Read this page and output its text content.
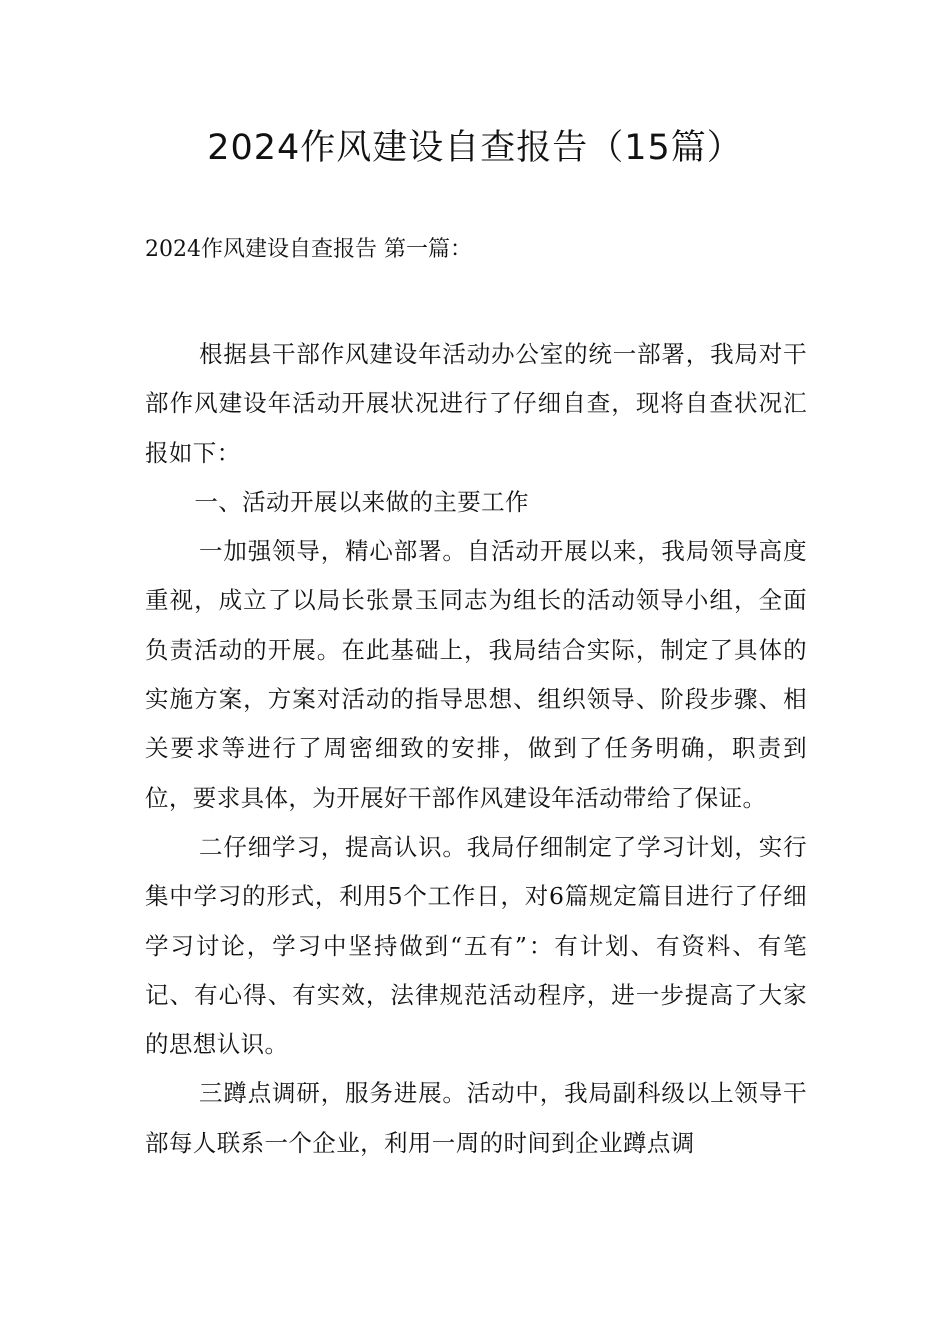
2024作风建设自查报告（15篇）

2024作风建设自查报告 第一篇：

根据县干部作风建设年活动办公室的统一部署，我局对干部作风建设年活动开展状况进行了仔细自查，现将自查状况汇报如下：

一、活动开展以来做的主要工作

一加强领导，精心部署。自活动开展以来，我局领导高度重视，成立了以局长张景玉同志为组长的活动领导小组，全面负责活动的开展。在此基础上，我局结合实际，制定了具体的实施方案，方案对活动的指导思想、组织领导、阶段步骤、相关要求等进行了周密细致的安排，做到了任务明确，职责到位，要求具体，为开展好干部作风建设年活动带给了保证。

二仔细学习，提高认识。我局仔细制定了学习计划，实行集中学习的形式，利用5个工作日，对6篇规定篇目进行了仔细学习讨论，学习中坚持做到“五有”：有计划、有资料、有笔记、有心得、有实效，法律规范活动程序，进一步提高了大家的思想认识。

三蹲点调研，服务进展。活动中，我局副科级以上领导干部每人联系一个企业，利用一周的时间到企业蹲点调
